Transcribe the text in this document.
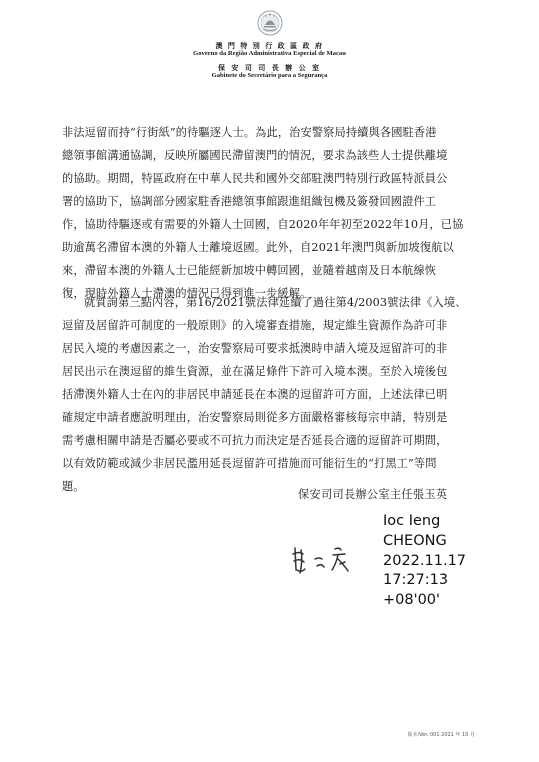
澳 門 特 別 行 政 區 政 府
Governo da Região Administrativa Especial de Macau
保 安 司 司 長 辦 公 室
Gabinete do Secretário para a Segurança
非法逗留而持“行街紙”的待驅逐人士。為此，治安警察局持續與各國駐香港
總領事館溝通協調，反映所屬國民滯留澳門的情況，要求為該些人士提供離境
的協助。期間，特區政府在中華人民共和國外交部駐澳門特別行政區特派員公
署的協助下，協調部分國家駐香港總領事館跟進組織包機及簽發回國證件工
作，協助待驅逐或有需要的外籍人士回國，自2020年年初至2022年10月，已協
助逾萬名滯留本澳的外籍人士離境返國。此外，自2021年澳門與新加坡復航以
來，滯留本澳的外籍人士已能經新加坡中轉回國，並隨着越南及日本航線恢
復，現時外籍人士滯澳的情況已得到進一步緩解。
就質詢第三點內容，第16/2021號法律延續了過往第4/2003號法律《入境、
逗留及居留許可制度的一般原則》的入境審查措施，規定維生資源作為許可非
居民入境的考慮因素之一，治安警察局可要求抵澳時申請入境及逗留許可的非
居民出示在澳逗留的維生資源，並在滿足條件下許可入境本澳。至於入境後包
括滯澳外籍人士在內的非居民申請延長在本澳的逗留許可方面，上述法律已明
確規定申請者應說明理由，治安警察局則從多方面嚴格審核每宗申請，特別是
需考慮相關申請是否屬必要或不可抗力而決定是否延長合適的逗留許可期間，
以有效防範或減少非居民濫用延長逗留許可措施而可能衍生的“打黑工”等問
題。
保安司司長辦公室主任張玉英
Ioc Ieng
CHEONG
2022.11.17
17:27:13
+08'00'
版本/Ver. 001 2021 年 10 月
